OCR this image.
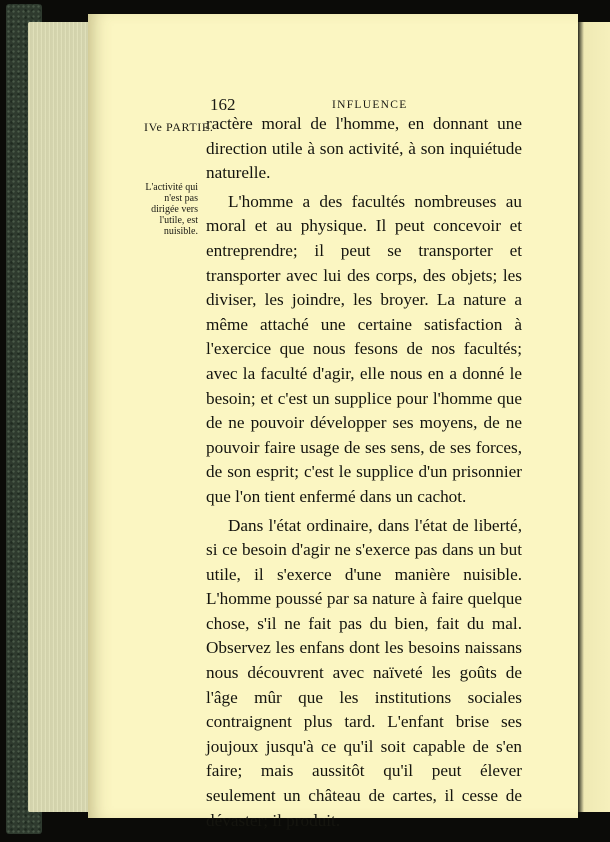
162	INFLUENCE
IVe PARTIE.
L'activité qui n'est pas dirigée vers l'utile, est nuisible.

ractère moral de l'homme, en donnant une direction utile à son activité, à son inquiétude naturelle.

L'homme a des facultés nombreuses au moral et au physique. Il peut concevoir et entreprendre; il peut se transporter et transporter avec lui des corps, des objets; les diviser, les joindre, les broyer. La nature a même attaché une certaine satisfaction à l'exercice que nous fesons de nos facultés; avec la faculté d'agir, elle nous en a donné le besoin; et c'est un supplice pour l'homme que de ne pouvoir développer ses moyens, de ne pouvoir faire usage de ses sens, de ses forces, de son esprit; c'est le supplice d'un prisonnier que l'on tient enfermé dans un cachot.

Dans l'état ordinaire, dans l'état de liberté, si ce besoin d'agir ne s'exerce pas dans un but utile, il s'exerce d'une manière nuisible. L'homme poussé par sa nature à faire quelque chose, s'il ne fait pas du bien, fait du mal. Observez les enfans dont les besoins naissans nous découvrent avec naïveté les goûts de l'âge mûr que les institutions sociales contraignent plus tard. L'enfant brise ses joujoux jusqu'à ce qu'il soit capable de s'en faire; mais aussitôt qu'il peut élever seulement un château de cartes, il cesse de dévaster; il produit.
